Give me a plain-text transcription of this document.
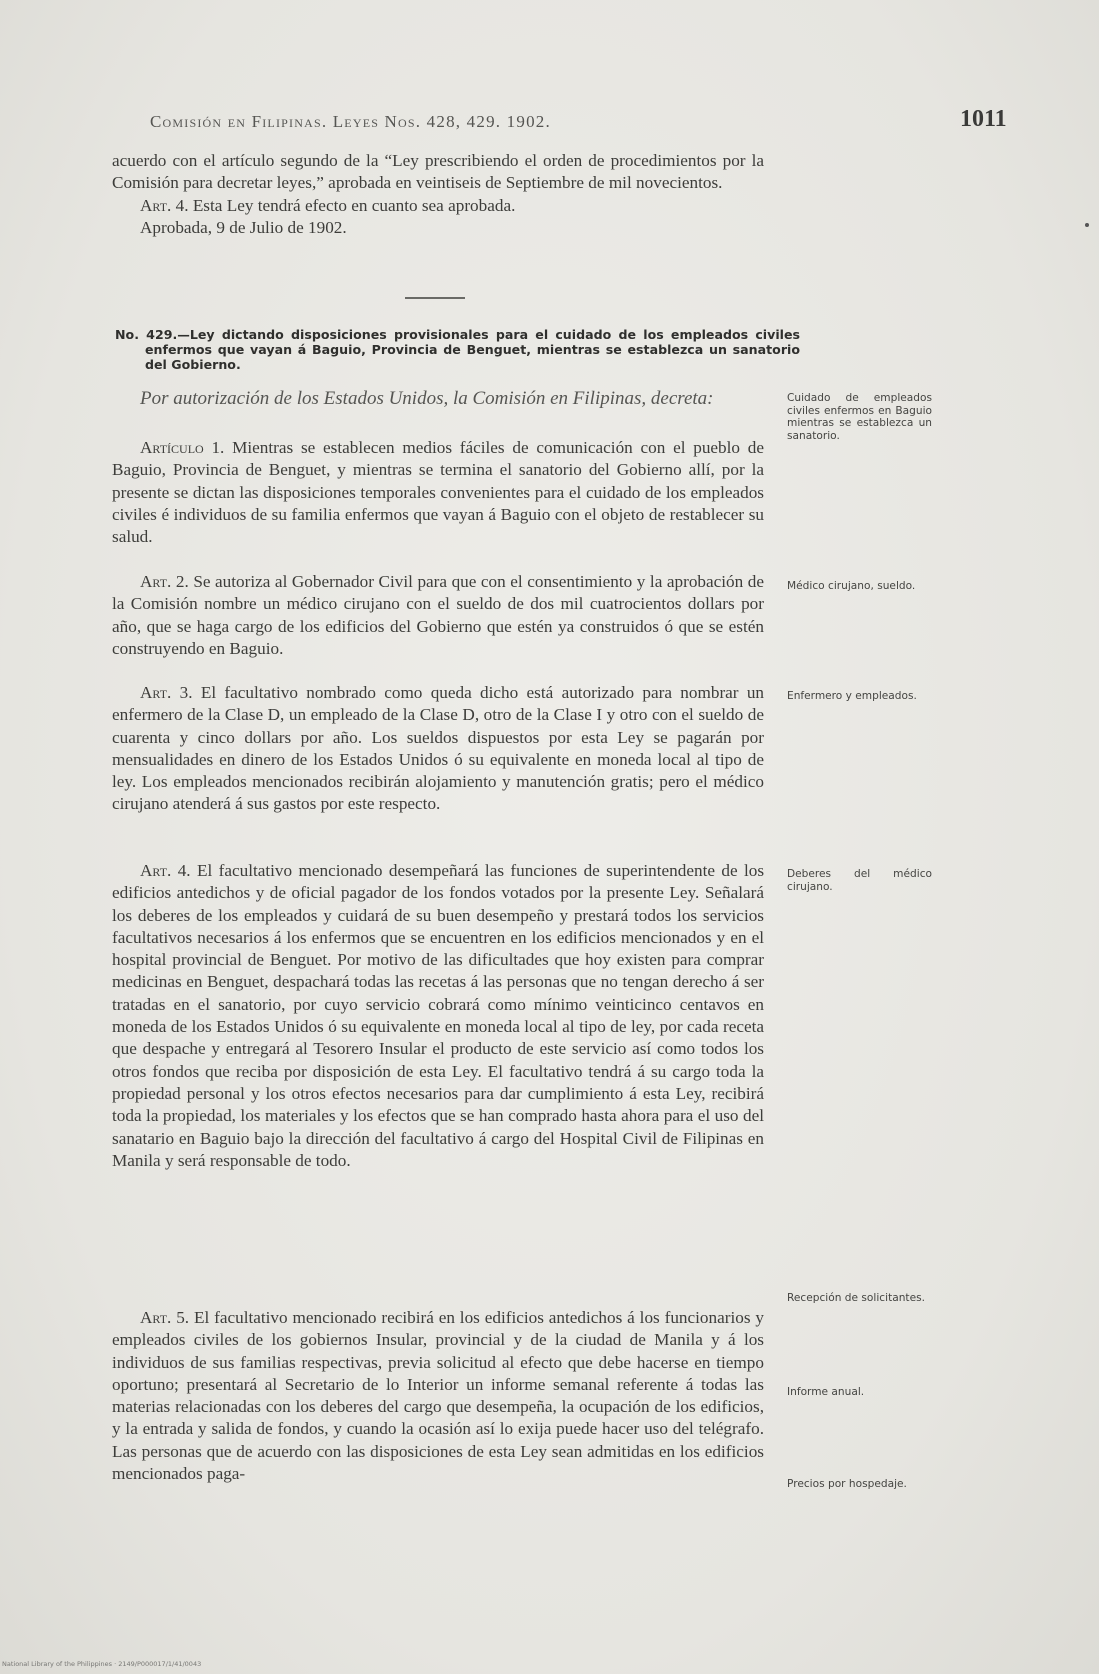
Comisión en Filipinas. Leyes Nos. 428, 429. 1902.	1011

acuerdo con el artículo segundo de la “Ley prescribiendo el orden de procedimientos por la Comisión para decretar leyes,” aprobada en veintiseis de Septiembre de mil novecientos.

Art. 4. Esta Ley tendrá efecto en cuanto sea aprobada.

Aprobada, 9 de Julio de 1902.

No. 429.—Ley dictando disposiciones provisionales para el cuidado de los empleados civiles enfermos que vayan á Baguio, Provincia de Benguet, mientras se establezca un sanatorio del Gobierno.
Por autorización de los Estados Unidos, la Comisión en Filipinas, decreta:

Artículo 1. Mientras se establecen medios fáciles de comunicación con el pueblo de Baguio, Provincia de Benguet, y mientras se termina el sanatorio del Gobierno allí, por la presente se dictan las disposiciones temporales convenientes para el cuidado de los empleados civiles é individuos de su familia enfermos que vayan á Baguio con el objeto de restablecer su salud.

Art. 2. Se autoriza al Gobernador Civil para que con el consentimiento y la aprobación de la Comisión nombre un médico cirujano con el sueldo de dos mil cuatrocientos dollars por año, que se haga cargo de los edificios del Gobierno que estén ya construidos ó que se estén construyendo en Baguio.

Art. 3. El facultativo nombrado como queda dicho está autorizado para nombrar un enfermero de la Clase D, un empleado de la Clase D, otro de la Clase I y otro con el sueldo de cuarenta y cinco dollars por año. Los sueldos dispuestos por esta Ley se pagarán por mensualidades en dinero de los Estados Unidos ó su equivalente en moneda local al tipo de ley. Los empleados mencionados recibirán alojamiento y manutención gratis; pero el médico cirujano atenderá á sus gastos por este respecto.

Art. 4. El facultativo mencionado desempeñará las funciones de superintendente de los edificios antedichos y de oficial pagador de los fondos votados por la presente Ley. Señalará los deberes de los empleados y cuidará de su buen desempeño y prestará todos los servicios facultativos necesarios á los enfermos que se encuentren en los edificios mencionados y en el hospital provincial de Benguet. Por motivo de las dificultades que hoy existen para comprar medicinas en Benguet, despachará todas las recetas á las personas que no tengan derecho á ser tratadas en el sanatorio, por cuyo servicio cobrará como mínimo veinticinco centavos en moneda de los Estados Unidos ó su equivalente en moneda local al tipo de ley, por cada receta que despache y entregará al Tesorero Insular el producto de este servicio así como todos los otros fondos que reciba por disposición de esta Ley. El facultativo tendrá á su cargo toda la propiedad personal y los otros efectos necesarios para dar cumplimiento á esta Ley, recibirá toda la propiedad, los materiales y los efectos que se han comprado hasta ahora para el uso del sanatario en Baguio bajo la dirección del facultativo á cargo del Hospital Civil de Filipinas en Manila y será responsable de todo.

Art. 5. El facultativo mencionado recibirá en los edificios antedichos á los funcionarios y empleados civiles de los gobiernos Insular, provincial y de la ciudad de Manila y á los individuos de sus familias respectivas, previa solicitud al efecto que debe hacerse en tiempo oportuno; presentará al Secretario de lo Interior un informe semanal referente á todas las materias relacionadas con los deberes del cargo que desempeña, la ocupación de los edificios, y la entrada y salida de fondos, y cuando la ocasión así lo exija puede hacer uso del telégrafo. Las personas que de acuerdo con las disposiciones de esta Ley sean admitidas en los edificios mencionados paga-

Cuidado de empleados civiles enfermos en Baguio mientras se establezca un sanatorio.
Médico cirujano, sueldo.
Enfermero y empleados.
Deberes del médico cirujano.
Recepción de solicitantes.
Informe anual.
Precios por hospedaje.
National Library of the Philippines · 2149/P000017/1/41/0043
